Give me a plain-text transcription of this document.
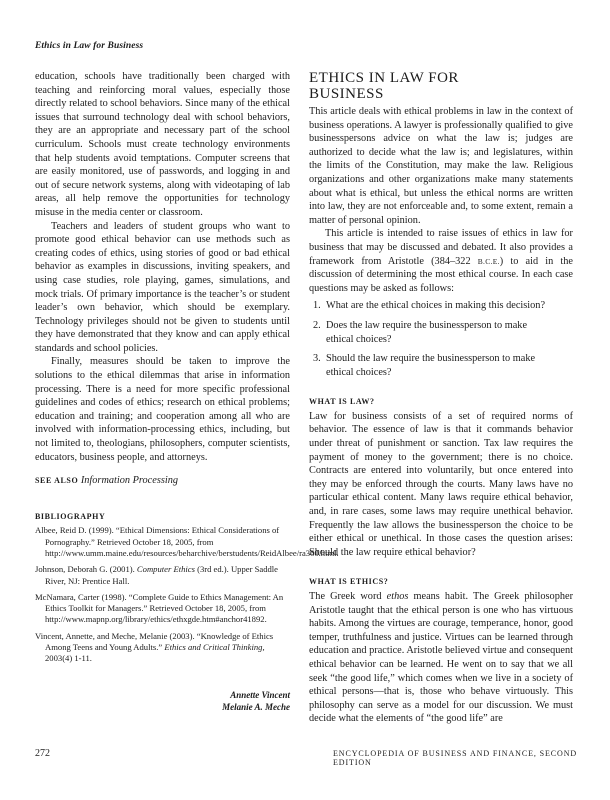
Ethics in Law for Business

education, schools have traditionally been charged with teaching and reinforcing moral values, especially those directly related to school behaviors. Since many of the ethical issues that surround technology deal with school behaviors, they are an appropriate and necessary part of the school curriculum. Schools must create technology environments that help students avoid temptations. Computer screens that are easily monitored, use of passwords, and logging in and out of secure network systems, along with videotaping of lab areas, all help remove the opportunities for technology misuse in the media center or classroom.

Teachers and leaders of student groups who want to promote good ethical behavior can use methods such as creating codes of ethics, using stories of good or bad ethical behavior as examples in discussions, inviting speakers, and using case studies, role playing, games, simulations, and mock trials. Of primary importance is the teacher’s or student leader’s own behavior, which should be exemplary. Technology privileges should not be given to students until they have demonstrated that they know and can apply ethical standards and school policies.

Finally, measures should be taken to improve the solutions to the ethical dilemmas that arise in information processing. There is a need for more specific professional guidelines and codes of ethics; research on ethical problems; education and training; and cooperation among all who are involved with information-processing ethics, including, but not limited to, theologians, philosophers, computer scientists, educators, business people, and attorneys.

SEE ALSO Information Processing

BIBLIOGRAPHY

Albee, Reid D. (1999). “Ethical Dimensions: Ethical Considerations of Pornography.” Retrieved October 18, 2005, from http://www.umm.maine.edu/resources/beharchive/berstudents/ReidAlbee/ra360.html.
Johnson, Deborah G. (2001). Computer Ethics (3rd ed.). Upper Saddle River, NJ: Prentice Hall.
McNamara, Carter (1998). “Complete Guide to Ethics Management: An Ethics Toolkit for Managers.” Retrieved October 18, 2005, from http://www.mapnp.org/library/ethics/ethxgde.htm#anchor41892.
Vincent, Annette, and Meche, Melanie (2003). “Knowledge of Ethics Among Teens and Young Adults.” Ethics and Critical Thinking, 2003(4) 1-11.

Annette Vincent
Melanie A. Meche

ETHICS IN LAW FOR
BUSINESS

This article deals with ethical problems in law in the context of business operations. A lawyer is professionally qualified to give businesspersons advice on what the law is; judges are authorized to decide what the law is; and legislatures, within the limits of the Constitution, may make the law. Religious organizations and other organizations make many statements about what is ethical, but unless the ethical norms are written into law, they are not enforceable and, to some extent, remain a matter of personal opinion.

This article is intended to raise issues of ethics in law for business that may be discussed and debated. It also provides a framework from Aristotle (384–322 B.C.E.) to aid in the discussion of determining the most ethical course. In each case questions may be asked as follows:

1. What are the ethical choices in making this decision?
2. Does the law require the businessperson to make ethical choices?
3. Should the law require the businessperson to make ethical choices?

WHAT IS LAW?

Law for business consists of a set of required norms of behavior. The essence of law is that it commands behavior under threat of punishment or sanction. Tax law requires the payment of money to the government; there is no choice. Contracts are entered into voluntarily, but once entered into they may be enforced through the courts. Many laws have no particular ethical content. Many laws require ethical behavior, and, in rare cases, some laws may require unethical behavior. Frequently the law allows the businessperson the choice to be either ethical or unethical. In those cases the question arises: Should the law require ethical behavior?

WHAT IS ETHICS?

The Greek word ethos means habit. The Greek philosopher Aristotle taught that the ethical person is one who has virtuous habits. Among the virtues are courage, temperance, honor, good temper, truthfulness and justice. Virtues can be learned through education and practice. Aristotle believed virtue and consequent ethical behavior can be learned. He went on to say that we all seek “the good life,” which comes when we live in a society of ethical persons—that is, those who behave virtuously. This philosophy can serve as a model for our discussion. We must decide what the elements of “the good life” are

272	ENCYCLOPEDIA OF BUSINESS AND FINANCE, SECOND EDITION
